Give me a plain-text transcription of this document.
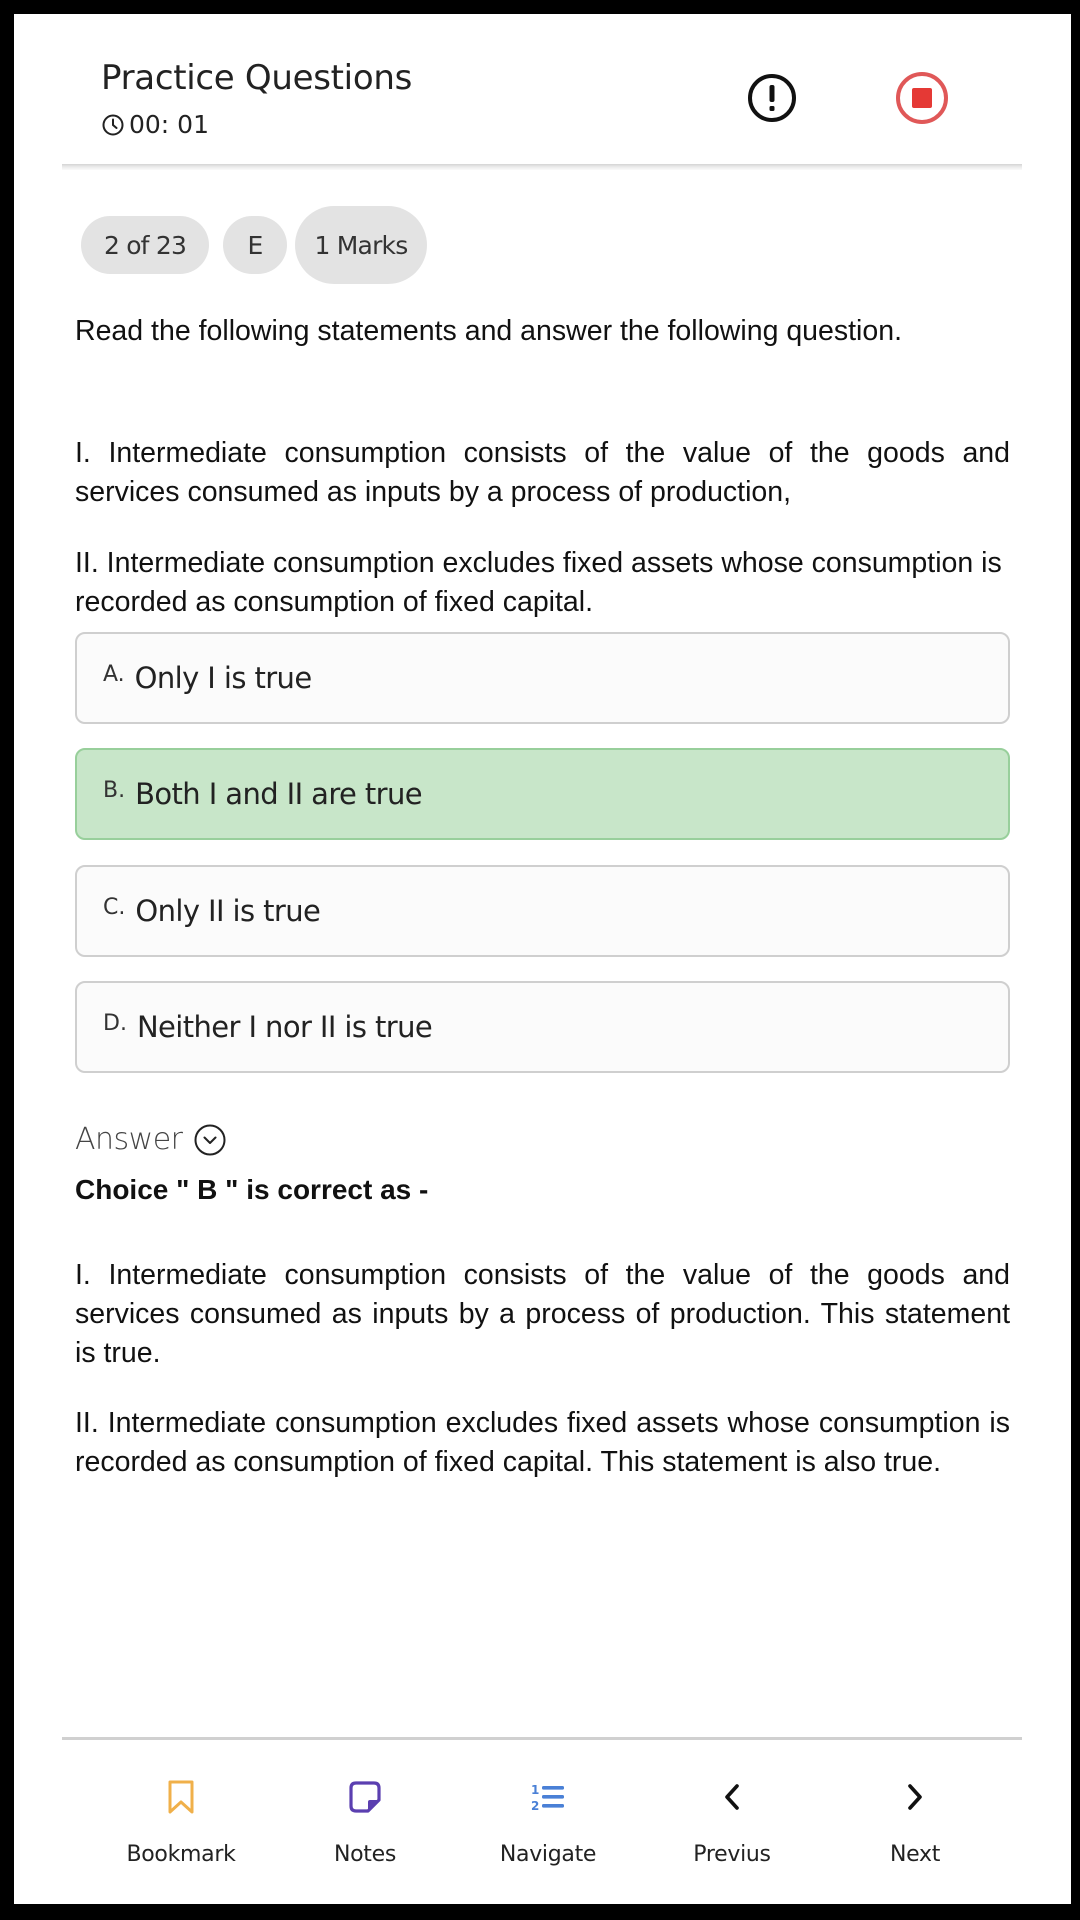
Practice Questions
00: 01
2 of 23	E	1 Marks
Read the following statements and answer the following question.
I. Intermediate consumption consists of the value of the goods and services consumed as inputs by a process of production,
II. Intermediate consumption excludes fixed assets whose consumption is recorded as consumption of fixed capital.
A. Only I is true
B. Both I and II are true
C. Only II is true
D. Neither I nor II is true
Answer
Choice " B " is correct as -
I. Intermediate consumption consists of the value of the goods and services consumed as inputs by a process of production. This statement is true.
II. Intermediate consumption excludes fixed assets whose consumption is recorded as consumption of fixed capital. This statement is also true.
Bookmark	Notes
1
2
Navigate	Previus	Next
